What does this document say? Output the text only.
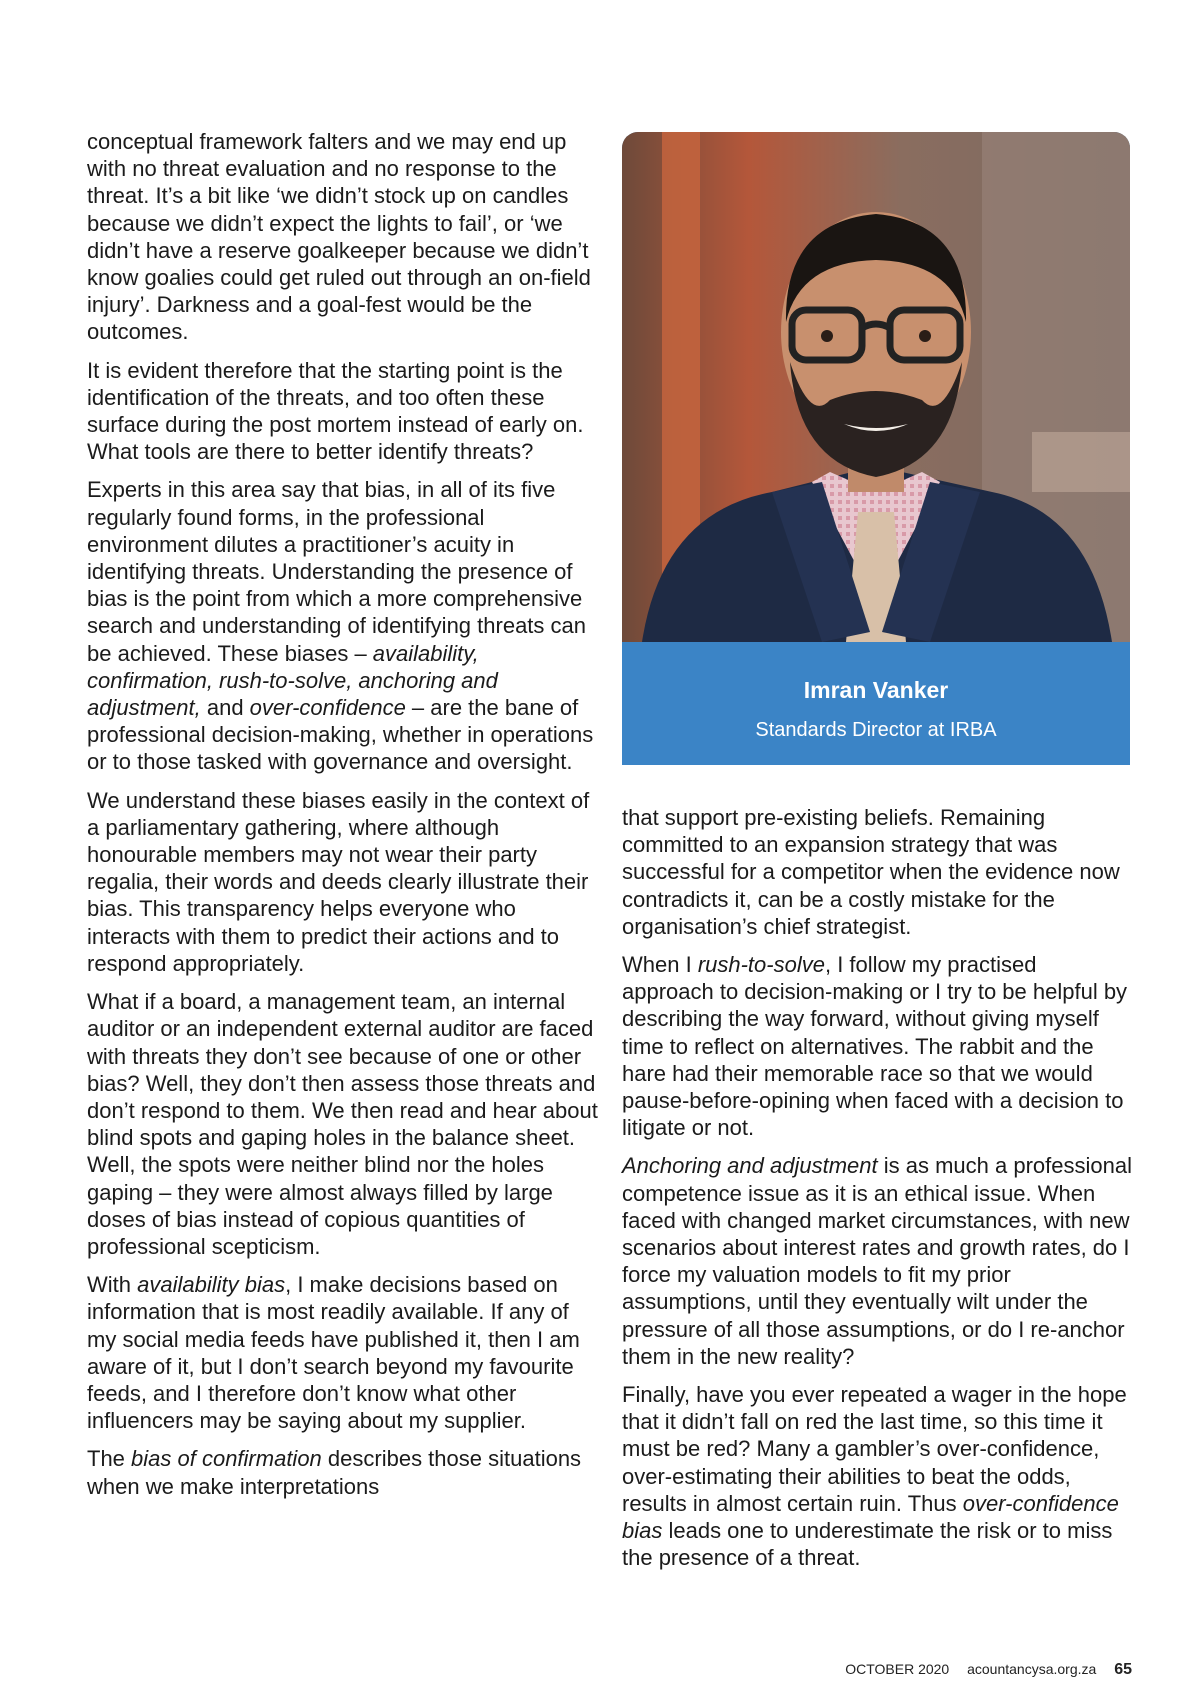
conceptual framework falters and we may end up with no threat evaluation and no response to the threat. It’s a bit like ‘we didn’t stock up on candles because we didn’t expect the lights to fail’, or ‘we didn’t have a reserve goalkeeper because we didn’t know goalies could get ruled out through an on-field injury’. Darkness and a goal-fest would be the outcomes.

It is evident therefore that the starting point is the identification of the threats, and too often these surface during the post mortem instead of early on. What tools are there to better identify threats?

Experts in this area say that bias, in all of its five regularly found forms, in the professional environment dilutes a practitioner’s acuity in identifying threats. Understanding the presence of bias is the point from which a more comprehensive search and understanding of identifying threats can be achieved. These biases – availability, confirmation, rush-to-solve, anchoring and adjustment, and over-confidence – are the bane of professional decision-making, whether in operations or to those tasked with governance and oversight.

We understand these biases easily in the context of a parliamentary gathering, where although honourable members may not wear their party regalia, their words and deeds clearly illustrate their bias. This transparency helps everyone who interacts with them to predict their actions and to respond appropriately.

What if a board, a management team, an internal auditor or an independent external auditor are faced with threats they don’t see because of one or other bias? Well, they don’t then assess those threats and don’t respond to them. We then read and hear about blind spots and gaping holes in the balance sheet. Well, the spots were neither blind nor the holes gaping – they were almost always filled by large doses of bias instead of copious quantities of professional scepticism.

With availability bias, I make decisions based on information that is most readily available. If any of my social media feeds have published it, then I am aware of it, but I don’t search beyond my favourite feeds, and I therefore don’t know what other influencers may be saying about my supplier.

The bias of confirmation describes those situations when we make interpretations

Imran Vanker
Standards Director at IRBA

that support pre-existing beliefs. Remaining committed to an expansion strategy that was successful for a competitor when the evidence now contradicts it, can be a costly mistake for the organisation’s chief strategist.

When I rush-to-solve, I follow my practised approach to decision-making or I try to be helpful by describing the way forward, without giving myself time to reflect on alternatives. The rabbit and the hare had their memorable race so that we would pause-before-opining when faced with a decision to litigate or not.

Anchoring and adjustment is as much a professional competence issue as it is an ethical issue. When faced with changed market circumstances, with new scenarios about interest rates and growth rates, do I force my valuation models to fit my prior assumptions, until they eventually wilt under the pressure of all those assumptions, or do I re-anchor them in the new reality?

Finally, have you ever repeated a wager in the hope that it didn’t fall on red the last time, so this time it must be red? Many a gambler’s over-confidence, over-estimating their abilities to beat the odds, results in almost certain ruin. Thus over-confidence bias leads one to underestimate the risk or to miss the presence of a threat.

OCTOBER 2020 acountancysa.org.za 65
